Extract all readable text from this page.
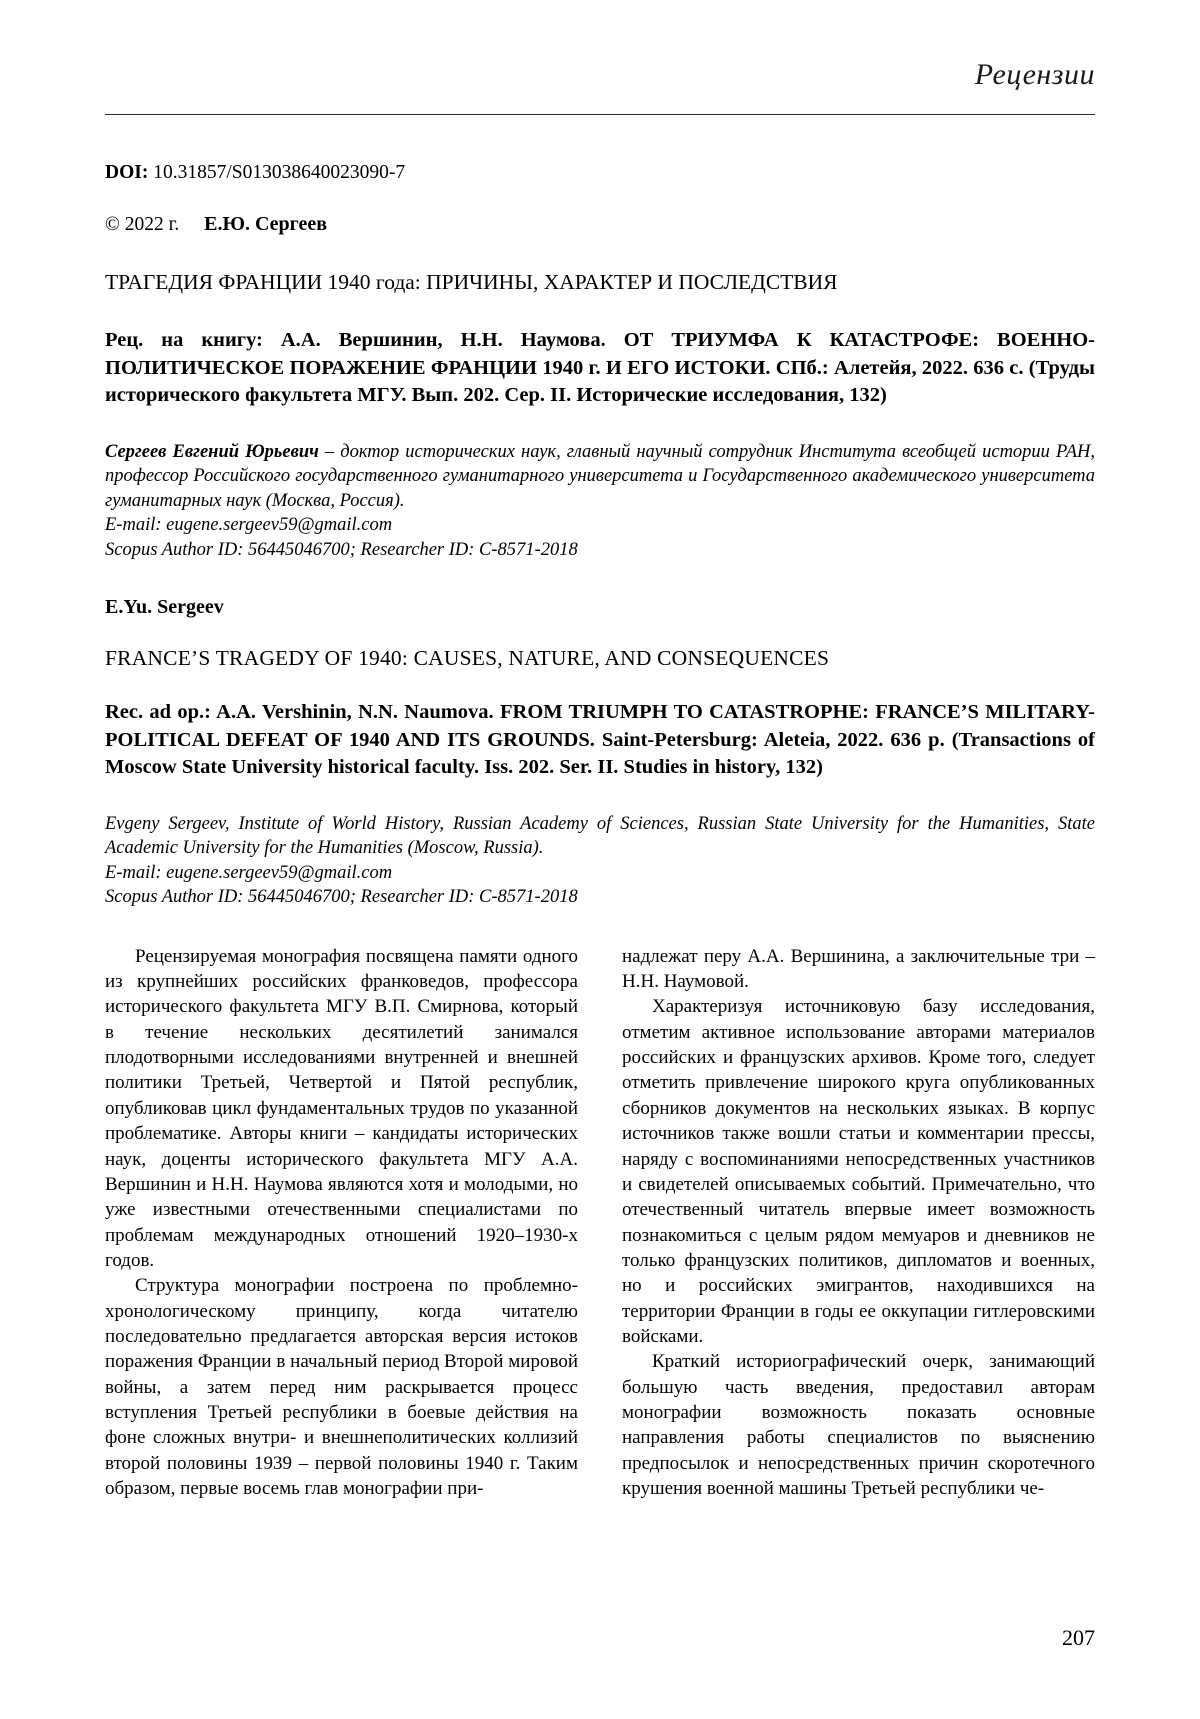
Рецензии
DOI: 10.31857/S013038640023090-7
© 2022 г. Е.Ю. Сергеев
ТРАГЕДИЯ ФРАНЦИИ 1940 года: ПРИЧИНЫ, ХАРАКТЕР И ПОСЛЕДСТВИЯ
Рец. на книгу: А.А. Вершинин, Н.Н. Наумова. ОТ ТРИУМФА К КАТАСТРОФЕ: ВОЕННО-ПОЛИТИЧЕСКОЕ ПОРАЖЕНИЕ ФРАНЦИИ 1940 г. И ЕГО ИСТОКИ. СПб.: Алетейя, 2022. 636 с. (Труды исторического факультета МГУ. Вып. 202. Сер. II. Исторические исследования, 132)
Сергеев Евгений Юрьевич – доктор исторических наук, главный научный сотрудник Института всеобщей истории РАН, профессор Российского государственного гуманитарного университета и Государственного академического университета гуманитарных наук (Москва, Россия).
E-mail: eugene.sergeev59@gmail.com
Scopus Author ID: 56445046700; Researcher ID: C-8571-2018
E.Yu. Sergeev
FRANCE’S TRAGEDY OF 1940: CAUSES, NATURE, AND CONSEQUENCES
Rec. ad op.: A.A. Vershinin, N.N. Naumova. FROM TRIUMPH TO CATASTROPHE: FRANCE’S MILITARY-POLITICAL DEFEAT OF 1940 AND ITS GROUNDS. Saint-Petersburg: Aleteia, 2022. 636 p. (Transactions of Moscow State University historical faculty. Iss. 202. Ser. II. Studies in history, 132)
Evgeny Sergeev, Institute of World History, Russian Academy of Sciences, Russian State University for the Humanities, State Academic University for the Humanities (Moscow, Russia).
E-mail: eugene.sergeev59@gmail.com
Scopus Author ID: 56445046700; Researcher ID: C-8571-2018

Рецензируемая монография посвящена памяти одного из крупнейших российских франковедов, профессора исторического факультета МГУ В.П. Смирнова, который в течение нескольких десятилетий занимался плодотворными исследованиями внутренней и внешней политики Третьей, Четвертой и Пятой республик, опубликовав цикл фундаментальных трудов по указанной проблематике. Авторы книги – кандидаты исторических наук, доценты исторического факультета МГУ А.А. Вершинин и Н.Н. Наумова являются хотя и молодыми, но уже известными отечественными специалистами по проблемам международных отношений 1920–1930-х годов.

Структура монографии построена по проблемно-хронологическому принципу, когда читателю последовательно предлагается авторская версия истоков поражения Франции в начальный период Второй мировой войны, а затем перед ним раскрывается процесс вступления Третьей республики в боевые действия на фоне сложных внутри- и внешнеполитических коллизий второй половины 1939 – первой половины 1940 г. Таким образом, первые восемь глав монографии при-

надлежат перу А.А. Вершинина, а заключительные три – Н.Н. Наумовой.

Характеризуя источниковую базу исследования, отметим активное использование авторами материалов российских и французских архивов. Кроме того, следует отметить привлечение широкого круга опубликованных сборников документов на нескольких языках. В корпус источников также вошли статьи и комментарии прессы, наряду с воспоминаниями непосредственных участников и свидетелей описываемых событий. Примечательно, что отечественный читатель впервые имеет возможность познакомиться с целым рядом мемуаров и дневников не только французских политиков, дипломатов и военных, но и российских эмигрантов, находившихся на территории Франции в годы ее оккупации гитлеровскими войсками.

Краткий историографический очерк, занимающий большую часть введения, предоставил авторам монографии возможность показать основные направления работы специалистов по выяснению предпосылок и непосредственных причин скоротечного крушения военной машины Третьей республики че-

207
